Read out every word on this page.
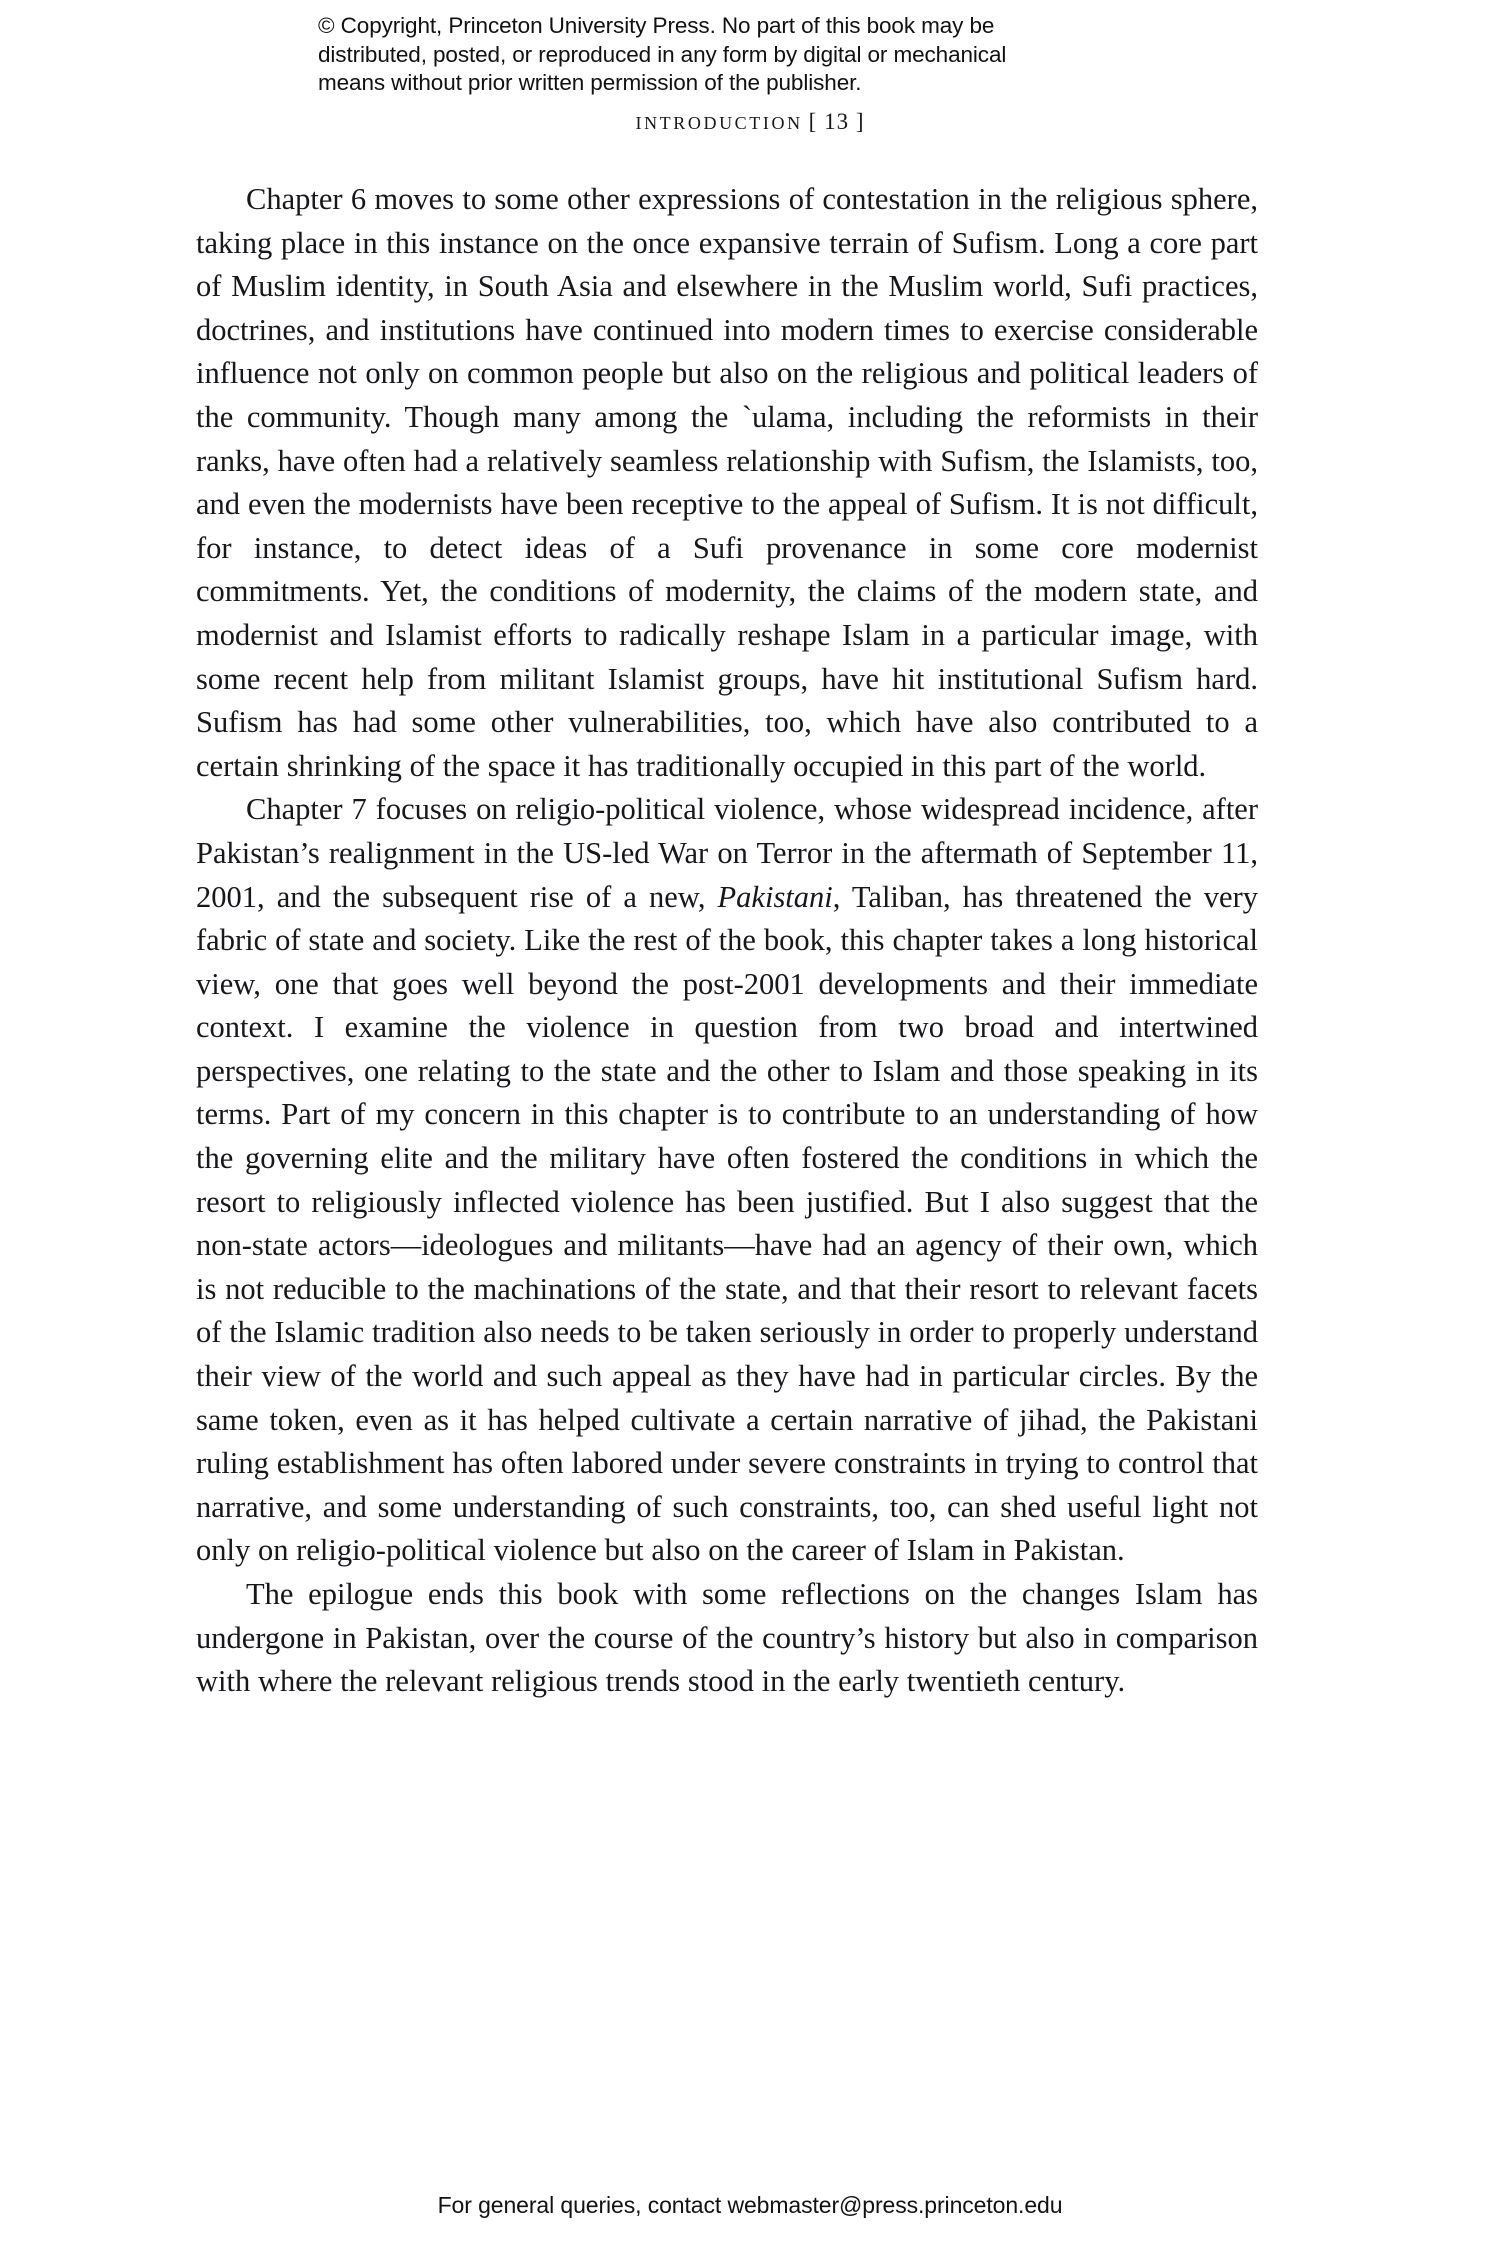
© Copyright, Princeton University Press. No part of this book may be
distributed, posted, or reproduced in any form by digital or mechanical
means without prior written permission of the publisher.
introduction [ 13 ]

Chapter 6 moves to some other expressions of contestation in the religious sphere, taking place in this instance on the once expansive terrain of Sufism. Long a core part of Muslim identity, in South Asia and elsewhere in the Muslim world, Sufi practices, doctrines, and institutions have continued into modern times to exercise considerable influence not only on common people but also on the religious and political leaders of the community. Though many among the `ulama, including the reformists in their ranks, have often had a relatively seamless relationship with Sufism, the Islamists, too, and even the modernists have been receptive to the appeal of Sufism. It is not difficult, for instance, to detect ideas of a Sufi provenance in some core modernist commitments. Yet, the conditions of modernity, the claims of the modern state, and modernist and Islamist efforts to radically reshape Islam in a particular image, with some recent help from militant Islamist groups, have hit institutional Sufism hard. Sufism has had some other vulnerabilities, too, which have also contributed to a certain shrinking of the space it has traditionally occupied in this part of the world.

Chapter 7 focuses on religio-political violence, whose widespread incidence, after Pakistan’s realignment in the US-led War on Terror in the aftermath of September 11, 2001, and the subsequent rise of a new, Pakistani, Taliban, has threatened the very fabric of state and society. Like the rest of the book, this chapter takes a long historical view, one that goes well beyond the post-2001 developments and their immediate context. I examine the violence in question from two broad and intertwined perspectives, one relating to the state and the other to Islam and those speaking in its terms. Part of my concern in this chapter is to contribute to an understanding of how the governing elite and the military have often fostered the conditions in which the resort to religiously inflected violence has been justified. But I also suggest that the non-state actors—ideologues and militants—have had an agency of their own, which is not reducible to the machinations of the state, and that their resort to relevant facets of the Islamic tradition also needs to be taken seriously in order to properly understand their view of the world and such appeal as they have had in particular circles. By the same token, even as it has helped cultivate a certain narrative of jihad, the Pakistani ruling establishment has often labored under severe constraints in trying to control that narrative, and some understanding of such constraints, too, can shed useful light not only on religio-political violence but also on the career of Islam in Pakistan.

The epilogue ends this book with some reflections on the changes Islam has undergone in Pakistan, over the course of the country’s history but also in comparison with where the relevant religious trends stood in the early twentieth century.

For general queries, contact webmaster@press.princeton.edu
